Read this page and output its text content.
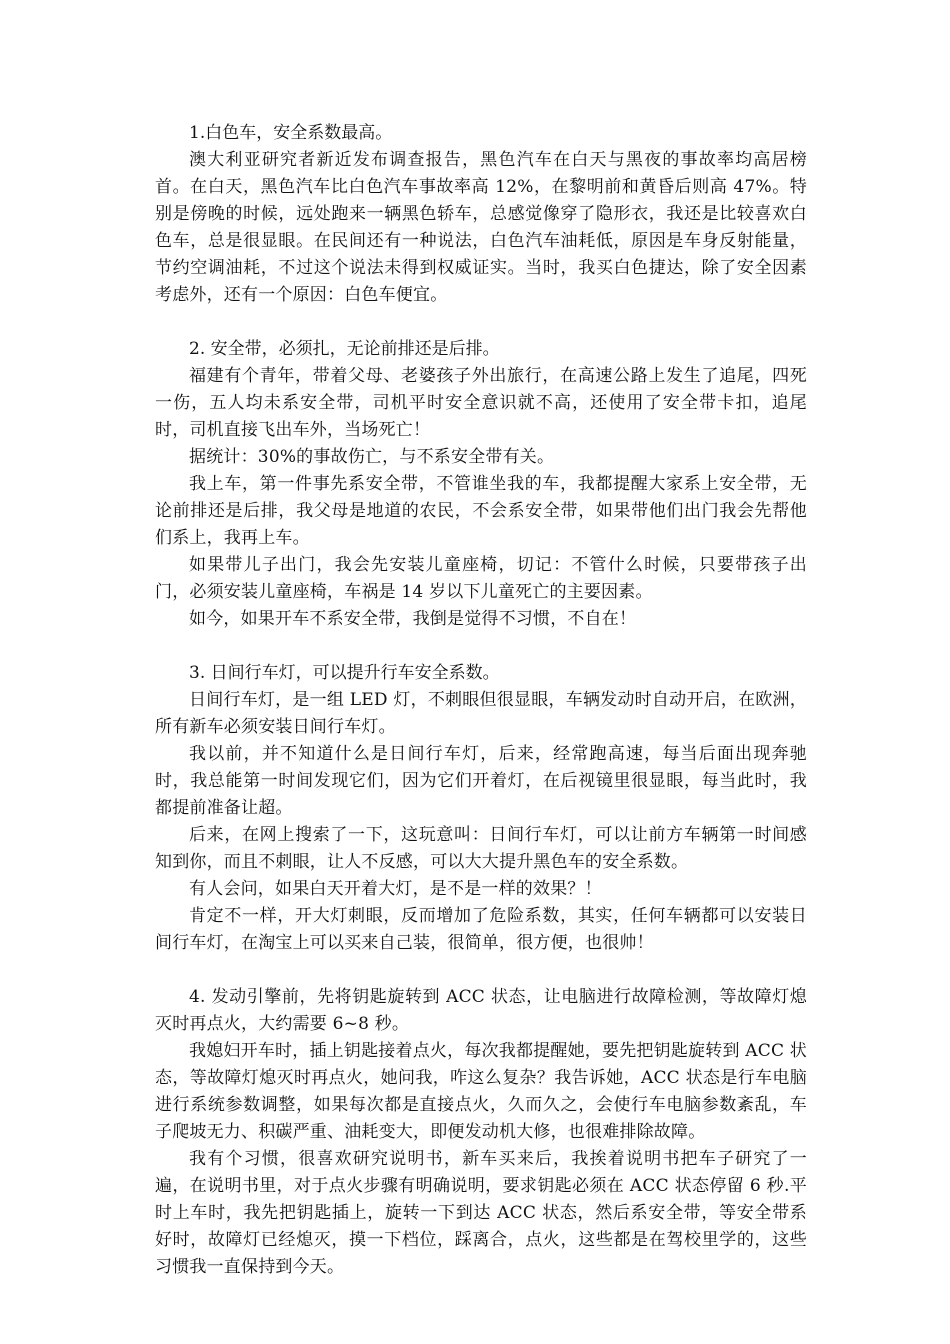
1.白色车，安全系数最高。

澳大利亚研究者新近发布调查报告，黑色汽车在白天与黑夜的事故率均高居榜首。在白天，黑色汽车比白色汽车事故率高 12%，在黎明前和黄昏后则高 47%。特别是傍晚的时候，远处跑来一辆黑色轿车，总感觉像穿了隐形衣，我还是比较喜欢白色车，总是很显眼。在民间还有一种说法，白色汽车油耗低，原因是车身反射能量，节约空调油耗，不过这个说法未得到权威证实。当时，我买白色捷达，除了安全因素考虑外，还有一个原因：白色车便宜。

2. 安全带，必须扎，无论前排还是后排。

福建有个青年，带着父母、老婆孩子外出旅行，在高速公路上发生了追尾，四死一伤，五人均未系安全带，司机平时安全意识就不高，还使用了安全带卡扣，追尾时，司机直接飞出车外，当场死亡！

据统计：30%的事故伤亡，与不系安全带有关。

我上车，第一件事先系安全带，不管谁坐我的车，我都提醒大家系上安全带，无论前排还是后排，我父母是地道的农民，不会系安全带，如果带他们出门我会先帮他们系上，我再上车。

如果带儿子出门，我会先安装儿童座椅，切记：不管什么时候，只要带孩子出门，必须安装儿童座椅，车祸是 14 岁以下儿童死亡的主要因素。

如今，如果开车不系安全带，我倒是觉得不习惯，不自在！

3. 日间行车灯，可以提升行车安全系数。

日间行车灯，是一组 LED 灯，不刺眼但很显眼，车辆发动时自动开启，在欧洲，所有新车必须安装日间行车灯。

我以前，并不知道什么是日间行车灯，后来，经常跑高速，每当后面出现奔驰时，我总能第一时间发现它们，因为它们开着灯，在后视镜里很显眼，每当此时，我都提前准备让超。

后来，在网上搜索了一下，这玩意叫：日间行车灯，可以让前方车辆第一时间感知到你，而且不刺眼，让人不反感，可以大大提升黑色车的安全系数。

有人会问，如果白天开着大灯，是不是一样的效果？！

肯定不一样，开大灯刺眼，反而增加了危险系数，其实，任何车辆都可以安装日间行车灯，在淘宝上可以买来自己装，很简单，很方便，也很帅！

4. 发动引擎前，先将钥匙旋转到 ACC 状态，让电脑进行故障检测，等故障灯熄灭时再点火，大约需要 6~8 秒。

我媳妇开车时，插上钥匙接着点火，每次我都提醒她，要先把钥匙旋转到 ACC 状态，等故障灯熄灭时再点火，她问我，咋这么复杂？我告诉她，ACC 状态是行车电脑进行系统参数调整，如果每次都是直接点火，久而久之，会使行车电脑参数紊乱，车子爬坡无力、积碳严重、油耗变大，即便发动机大修，也很难排除故障。

我有个习惯，很喜欢研究说明书，新车买来后，我挨着说明书把车子研究了一遍，在说明书里，对于点火步骤有明确说明，要求钥匙必须在 ACC 状态停留 6 秒.平时上车时，我先把钥匙插上，旋转一下到达 ACC 状态，然后系安全带，等安全带系好时，故障灯已经熄灭，摸一下档位，踩离合，点火，这些都是在驾校里学的，这些习惯我一直保持到今天。
